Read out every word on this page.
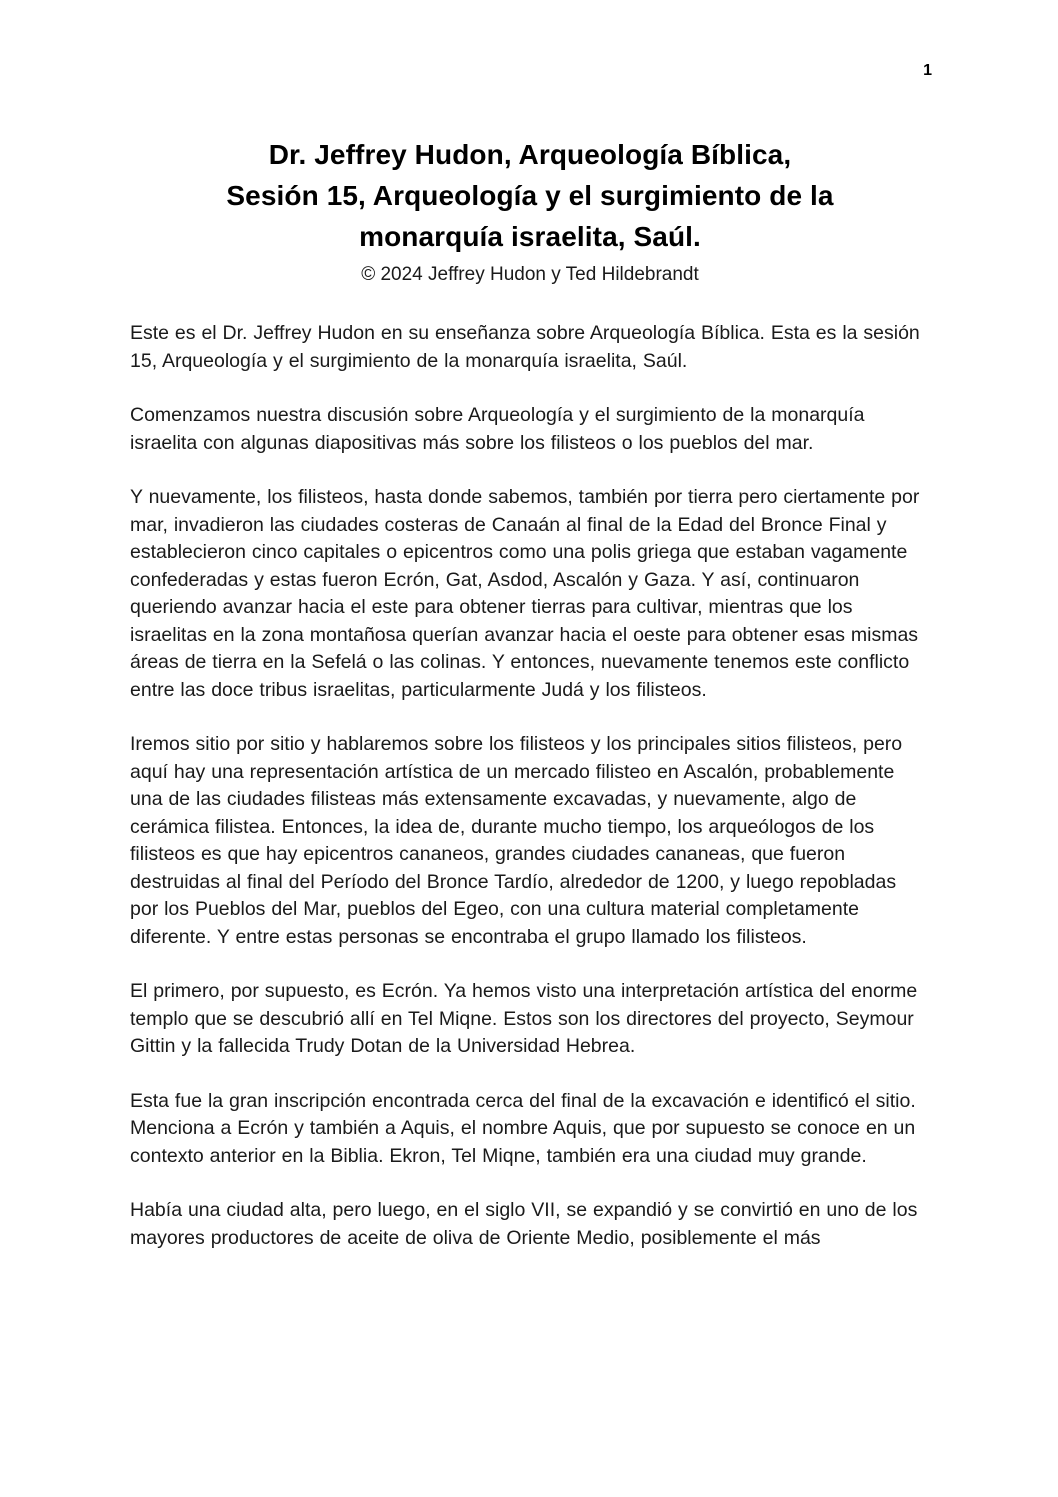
1
Dr. Jeffrey Hudon, Arqueología Bíblica,
Sesión 15, Arqueología y el surgimiento de la
monarquía israelita, Saúl.
© 2024 Jeffrey Hudon y Ted Hildebrandt

Este es el Dr. Jeffrey Hudon en su enseñanza sobre Arqueología Bíblica. Esta es la sesión 15, Arqueología y el surgimiento de la monarquía israelita, Saúl.

Comenzamos nuestra discusión sobre Arqueología y el surgimiento de la monarquía israelita con algunas diapositivas más sobre los filisteos o los pueblos del mar.

Y nuevamente, los filisteos, hasta donde sabemos, también por tierra pero ciertamente por mar, invadieron las ciudades costeras de Canaán al final de la Edad del Bronce Final y establecieron cinco capitales o epicentros como una polis griega que estaban vagamente confederadas y estas fueron Ecrón, Gat, Asdod, Ascalón y Gaza. Y así, continuaron queriendo avanzar hacia el este para obtener tierras para cultivar, mientras que los israelitas en la zona montañosa querían avanzar hacia el oeste para obtener esas mismas áreas de tierra en la Sefelá o las colinas. Y entonces, nuevamente tenemos este conflicto entre las doce tribus israelitas, particularmente Judá y los filisteos.

Iremos sitio por sitio y hablaremos sobre los filisteos y los principales sitios filisteos, pero aquí hay una representación artística de un mercado filisteo en Ascalón, probablemente una de las ciudades filisteas más extensamente excavadas, y nuevamente, algo de cerámica filistea. Entonces, la idea de, durante mucho tiempo, los arqueólogos de los filisteos es que hay epicentros cananeos, grandes ciudades cananeas, que fueron destruidas al final del Período del Bronce Tardío, alrededor de 1200, y luego repobladas por los Pueblos del Mar, pueblos del Egeo, con una cultura material completamente diferente. Y entre estas personas se encontraba el grupo llamado los filisteos.

El primero, por supuesto, es Ecrón. Ya hemos visto una interpretación artística del enorme templo que se descubrió allí en Tel Miqne. Estos son los directores del proyecto, Seymour Gittin y la fallecida Trudy Dotan de la Universidad Hebrea.

Esta fue la gran inscripción encontrada cerca del final de la excavación e identificó el sitio. Menciona a Ecrón y también a Aquis, el nombre Aquis, que por supuesto se conoce en un contexto anterior en la Biblia. Ekron, Tel Miqne, también era una ciudad muy grande.

Había una ciudad alta, pero luego, en el siglo VII, se expandió y se convirtió en uno de los mayores productores de aceite de oliva de Oriente Medio, posiblemente el más
